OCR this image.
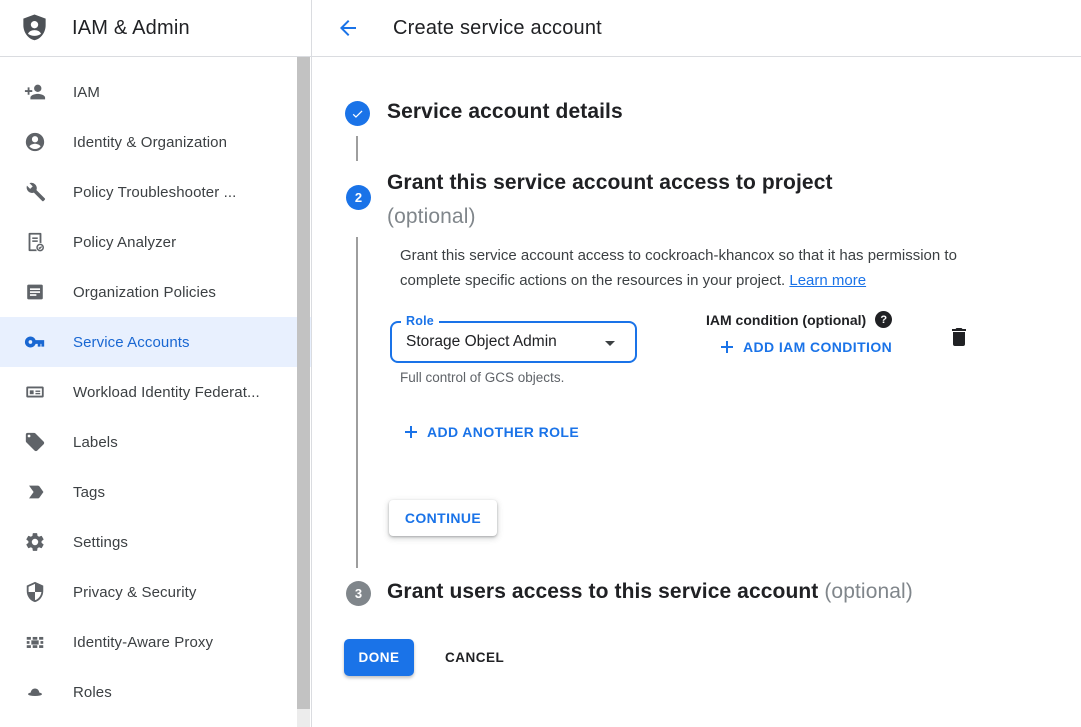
IAM & Admin
IAM
Identity & Organization
Policy Troubleshooter ...
Policy Analyzer
Organization Policies
Service Accounts
Workload Identity Federat...
Labels
Tags
Settings
Privacy & Security
Identity-Aware Proxy
Roles
Create service account
Service account details
2
Grant this service account access to project
(optional)
Grant this service account access to cockroach-khancox so that it has permission to complete specific actions on the resources in your project. Learn more
Role
Storage Object Admin
Full control of GCS objects.
IAM condition (optional)	?
ADD IAM CONDITION
ADD ANOTHER ROLE
CONTINUE
3 Grant users access to this service account (optional)
DONE	CANCEL
